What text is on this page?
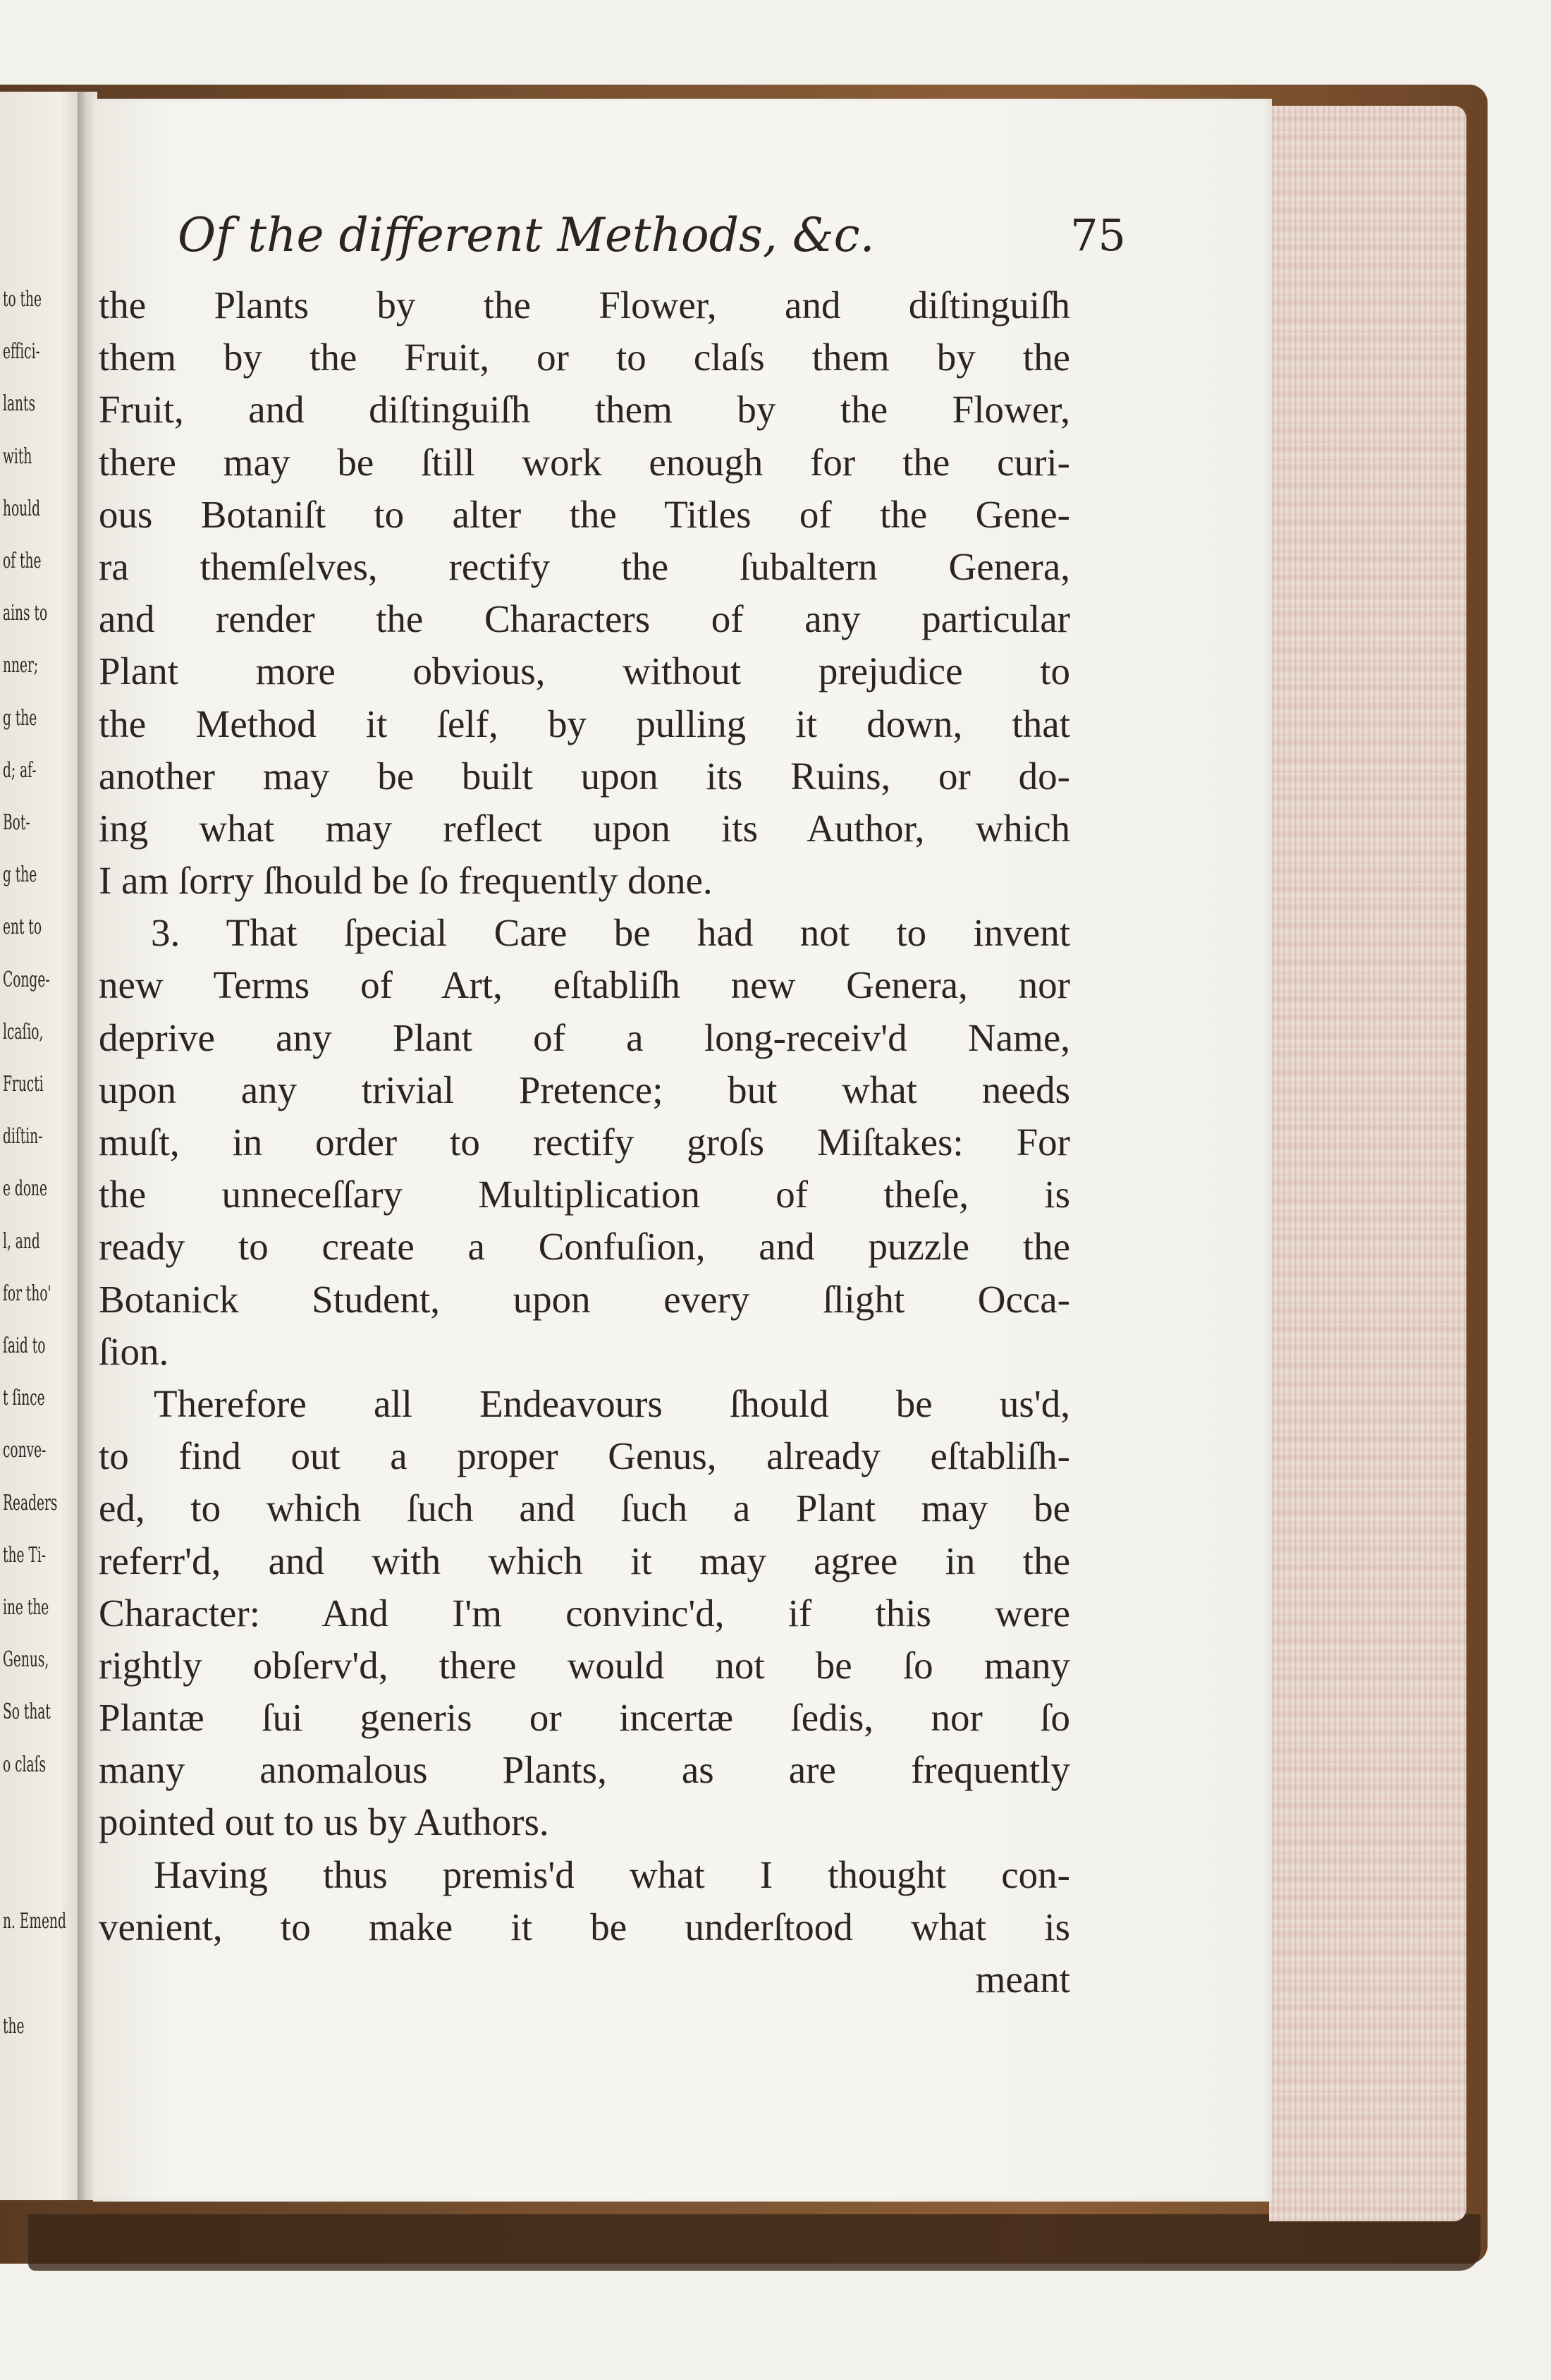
to the
effici-
lants
with
hould
of the
ains to
nner;
g the
d; af-
Bot-
g the
ent to
Conge-
lcaſio,
Fructi
diſtin-
e done
l, and
for tho'
ſaid to
t ſince
conve-
Readers
the Ti-
ine the
Genus,
So that
o claſs
n. Emend
the
Of the different Methods, &c.	75
the Plants by the Flower, and diſtinguiſh
them by the Fruit, or to claſs them by the
Fruit, and diſtinguiſh them by the Flower,
there may be ſtill work enough for the curi-
ous Botaniſt to alter the Titles of the Gene-
ra themſelves, rectify the ſubaltern Genera,
and render the Characters of any particular
Plant more obvious, without prejudice to
the Method it ſelf, by pulling it down, that
another may be built upon its Ruins, or do-
ing what may reflect upon its Author, which
I am ſorry ſhould be ſo frequently done.
3. That ſpecial Care be had not to invent
new Terms of Art, eſtabliſh new Genera, nor
deprive any Plant of a long-receiv'd Name,
upon any trivial Pretence; but what needs
muſt, in order to rectify groſs Miſtakes: For
the unneceſſary Multiplication of theſe, is
ready to create a Confuſion, and puzzle the
Botanick Student, upon every ſlight Occa-
ſion.
Therefore all Endeavours ſhould be us'd,
to find out a proper Genus, already eſtabliſh-
ed, to which ſuch and ſuch a Plant may be
referr'd, and with which it may agree in the
Character: And I'm convinc'd, if this were
rightly obſerv'd, there would not be ſo many
Plantæ ſui generis or incertæ ſedis, nor ſo
many anomalous Plants, as are frequently
pointed out to us by Authors.
Having thus premis'd what I thought con-
venient, to make it be underſtood what is
meant
